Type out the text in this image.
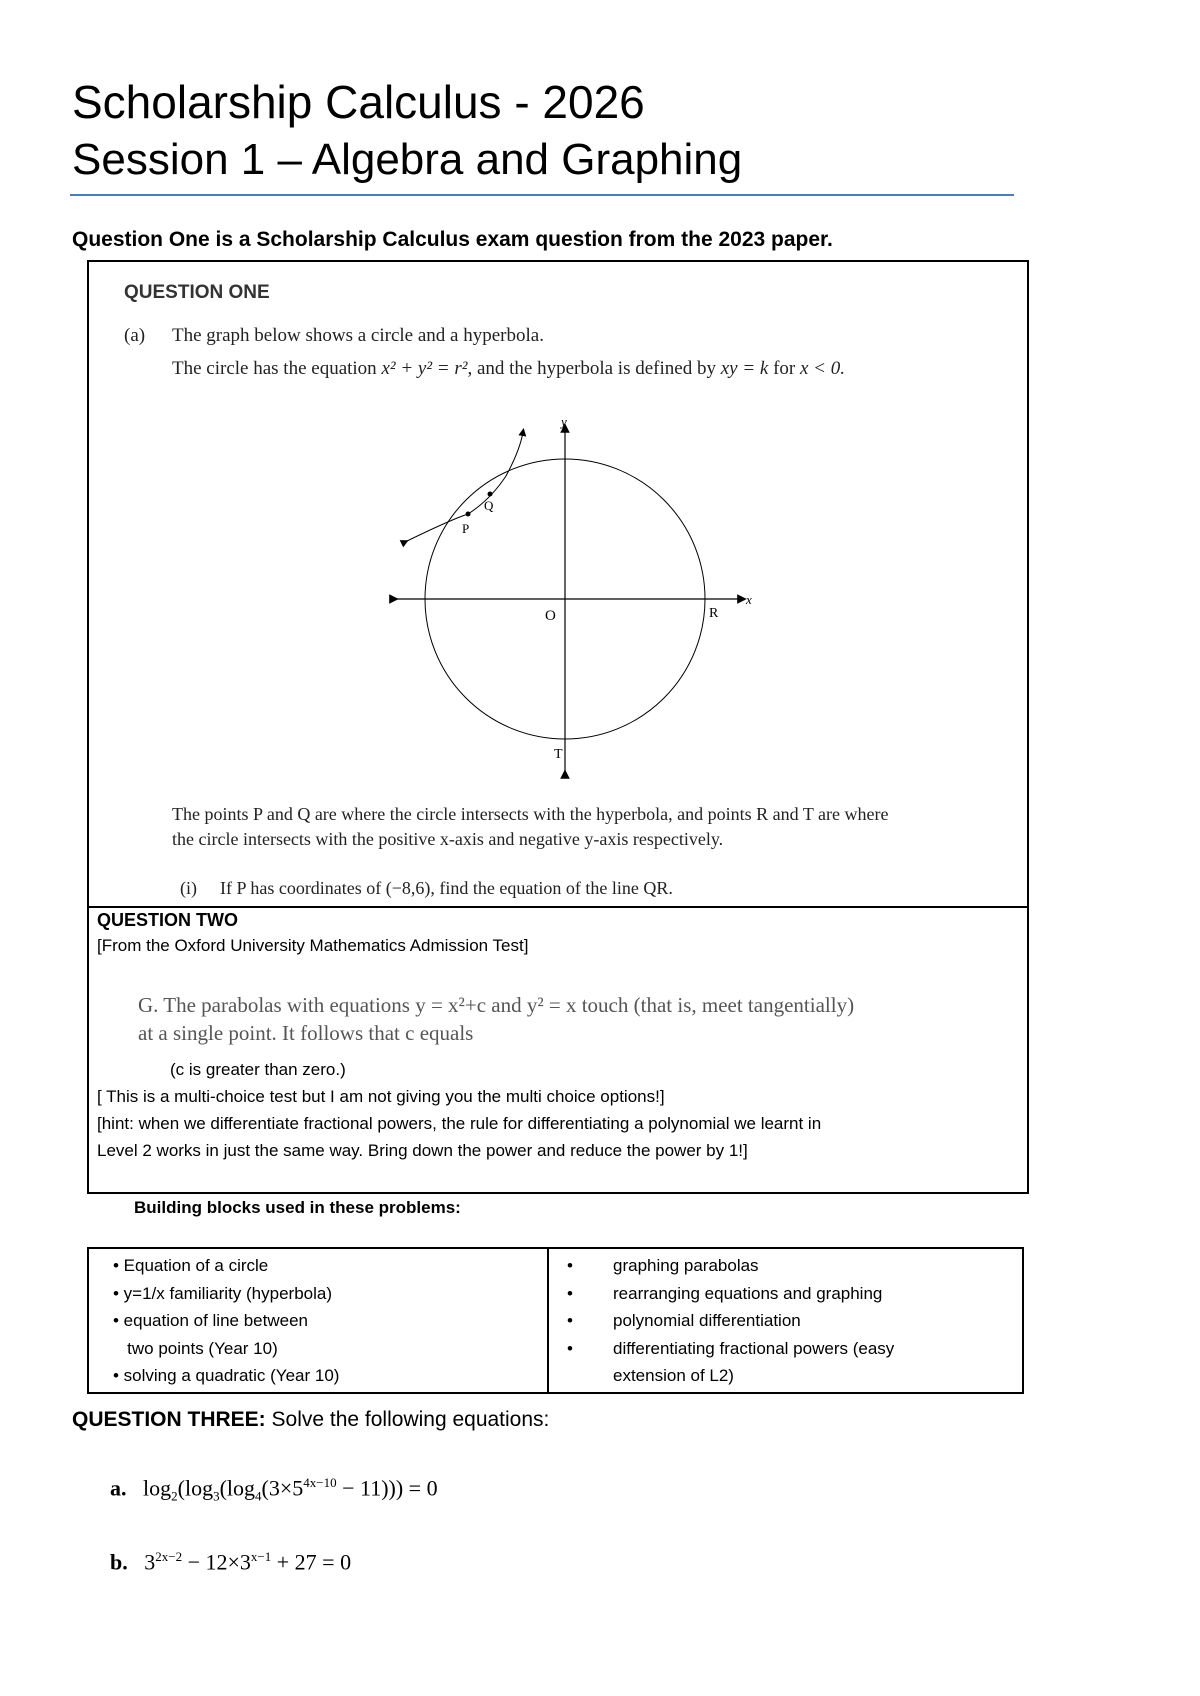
Scholarship Calculus - 2026
Session 1 – Algebra and Graphing
Question One is a Scholarship Calculus exam question from the 2023 paper.
QUESTION ONE
(a) The graph below shows a circle and a hyperbola.
The circle has the equation x² + y² = r², and the hyperbola is defined by xy = k for x < 0.
y
x
O
P
Q
R
T
The points P and Q are where the circle intersects with the hyperbola, and points R and T are where
the circle intersects with the positive x-axis and negative y-axis respectively.
(i) If P has coordinates of (−8,6), find the equation of the line QR.
QUESTION TWO
[From the Oxford University Mathematics Admission Test]
G. The parabolas with equations y = x²+c and y² = x touch (that is, meet tangentially)
at a single point. It follows that c equals
(c is greater than zero.)
[ This is a multi-choice test but I am not giving you the multi choice options!]
[hint: when we differentiate fractional powers, the rule for differentiating a polynomial we learnt in
Level 2 works in just the same way. Bring down the power and reduce the power by 1!]
Building blocks used in these problems:
• Equation of a circle
• y=1/x familiarity (hyperbola)
• equation of line between
two points (Year 10)
• solving a quadratic (Year 10)

•	graphing parabolas
•	rearranging equations and graphing
•	polynomial differentiation
•	differentiating fractional powers (easy
extension of L2)
QUESTION THREE: Solve the following equations:
a.   $\log_2(\log_3(\log_4(3\times 5^{4x-10} - 11))) = 0$
b.   $3^{2x-2} - 12\times 3^{x-1} + 27 = 0$
